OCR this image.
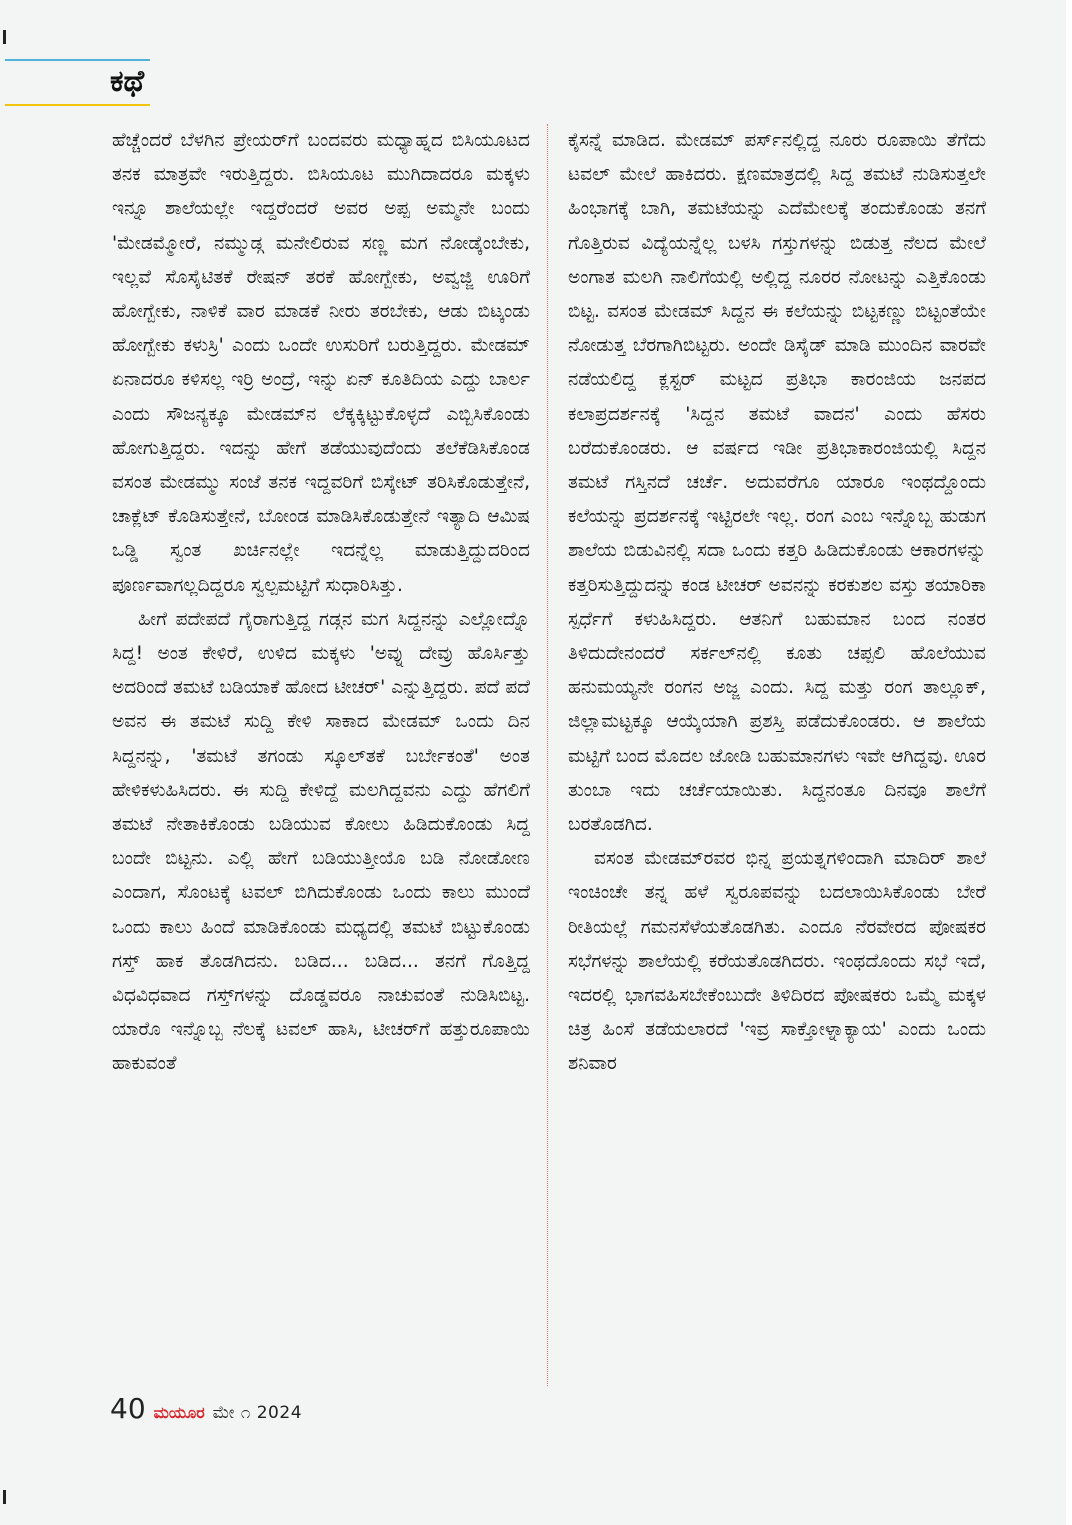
ಕಥೆ

ಹೆಚ್ಚೆಂದರೆ ಬೆಳಗಿನ ಪ್ರೇಯರ್‌ಗೆ ಬಂದವರು ಮಧ್ಯಾಹ್ನದ ಬಿಸಿಯೂಟದ ತನಕ ಮಾತ್ರವೇ ಇರುತ್ತಿದ್ದರು. ಬಿಸಿಯೂಟ ಮುಗಿದಾದರೂ ಮಕ್ಕಳು ಇನ್ನೂ ಶಾಲೆಯಲ್ಲೇ ಇದ್ದರೆಂದರೆ ಅವರ ಅಪ್ಪ ಅಮ್ಮನೇ ಬಂದು 'ಮೇಡಮ್ಮೋರೆ, ನಮ್ಮುಡ್ಗ ಮನೇಲಿರುವ ಸಣ್ಣ ಮಗ ನೋಡ್ಕೆಂಬೇಕು, ಇಲ್ಲವೆ ಸೊಸೈಟಿತಕೆ ರೇಷನ್ ತರಕೆ ಹೋಗ್ಬೇಕು, ಅವ್ವಜ್ಜಿ ಊರಿಗೆ ಹೋಗ್ಬೇಕು, ನಾಳಿಕೆ ವಾರ ಮಾಡಕೆ ನೀರು ತರಬೇಕು, ಆಡು ಬಿಟ್ಕಂಡು ಹೋಗ್ಬೇಕು ಕಳುಸ್ರಿ' ಎಂದು ಒಂದೇ ಉಸುರಿಗೆ ಬರುತ್ತಿದ್ದರು. ಮೇಡಮ್ ಏನಾದರೂ ಕಳಿಸಲ್ಲ ಇರ್ರಿ ಅಂದ್ರೆ, ಇನ್ನು ಏನ್ ಕೂತಿದಿಯ ಎದ್ದು ಬಾರ್ಲ ಎಂದು ಸೌಜನ್ಯಕ್ಕೂ ಮೇಡಮ್‌ನ ಲೆಕ್ಕಕ್ಕಿಟ್ಟುಕೊಳ್ಳದೆ ಎಬ್ಬಿಸಿಕೊಂಡು ಹೋಗುತ್ತಿದ್ದರು. ಇದನ್ನು ಹೇಗೆ ತಡೆಯುವುದೆಂದು ತಲೆಕೆಡಿಸಿಕೊಂಡ ವಸಂತ ಮೇಡಮ್ಮು ಸಂಜೆ ತನಕ ಇದ್ದವರಿಗೆ ಬಿಸ್ಕೇಟ್ ತರಿಸಿಕೊಡುತ್ತೇನೆ, ಚಾಕ್ಲೆಟ್ ಕೊಡಿಸುತ್ತೇನೆ, ಬೋಂಡ ಮಾಡಿಸಿಕೊಡುತ್ತೇನೆ ಇತ್ಯಾದಿ ಆಮಿಷ ಒಡ್ಡಿ ಸ್ವಂತ ಖರ್ಚಿನಲ್ಲೇ ಇದನ್ನೆಲ್ಲ ಮಾಡುತ್ತಿದ್ದುದರಿಂದ ಪೂರ್ಣವಾಗಲ್ಲದಿದ್ದರೂ ಸ್ವಲ್ಪಮಟ್ಟಿಗೆ ಸುಧಾರಿಸಿತ್ತು.

ಹೀಗೆ ಪದೇಪದೆ ಗೈರಾಗುತ್ತಿದ್ದ ಗಡ್ಗನ ಮಗ ಸಿದ್ದನನ್ನು ಎಲ್ಲೋದ್ನೊ ಸಿದ್ದ! ಅಂತ ಕೇಳಿರೆ, ಉಳಿದ ಮಕ್ಕಳು 'ಅವ್ನು ದೇವ್ರು ಹೊರ್ಸಿತ್ತು ಅದರಿಂದೆ ತಮಟೆ ಬಡಿಯಾಕೆ ಹೋದ ಟೀಚರ್' ಎನ್ನುತ್ತಿದ್ದರು. ಪದೆ ಪದೆ ಅವನ ಈ ತಮಟೆ ಸುದ್ದಿ ಕೇಳಿ ಸಾಕಾದ ಮೇಡಮ್ ಒಂದು ದಿನ ಸಿದ್ದನನ್ನು, 'ತಮಟೆ ತಗಂಡು ಸ್ಕೂಲ್‌ತಕೆ ಬರ್ಬೇಕಂತೆ' ಅಂತ ಹೇಳಿಕಳುಹಿಸಿದರು. ಈ ಸುದ್ದಿ ಕೇಳಿದ್ದೆ ಮಲಗಿದ್ದವನು ಎದ್ದು ಹೆಗಲಿಗೆ ತಮಟೆ ನೇತಾಕಿಕೊಂಡು ಬಡಿಯುವ ಕೋಲು ಹಿಡಿದುಕೊಂಡು ಸಿದ್ದ ಬಂದೇ ಬಿಟ್ಟನು. ಎಲ್ಲಿ ಹೇಗೆ ಬಡಿಯುತ್ತೀಯೊ ಬಡಿ ನೋಡೋಣ ಎಂದಾಗ, ಸೊಂಟಕ್ಕೆ ಟವಲ್ ಬಿಗಿದುಕೊಂಡು ಒಂದು ಕಾಲು ಮುಂದೆ ಒಂದು ಕಾಲು ಹಿಂದೆ ಮಾಡಿಕೊಂಡು ಮಧ್ಯದಲ್ಲಿ ತಮಟೆ ಬಿಟ್ಟುಕೊಂಡು ಗಸ್ತ್ ಹಾಕ ತೊಡಗಿದನು. ಬಡಿದ... ಬಡಿದ... ತನಗೆ ಗೊತ್ತಿದ್ದ ವಿಧವಿಧವಾದ ಗಸ್ತ್‌ಗಳನ್ನು ದೊಡ್ಡವರೂ ನಾಚುವಂತೆ ನುಡಿಸಿಬಿಟ್ಟ. ಯಾರೊ ಇನ್ನೊಬ್ಬ ನೆಲಕ್ಕೆ ಟವಲ್ ಹಾಸಿ, ಟೀಚರ್‌ಗೆ ಹತ್ತುರೂಪಾಯಿ ಹಾಕುವಂತೆ

ಕೈಸನ್ನೆ ಮಾಡಿದ. ಮೇಡಮ್ ಪರ್ಸ್‌ನಲ್ಲಿದ್ದ ನೂರು ರೂಪಾಯಿ ತೆಗೆದು ಟವಲ್ ಮೇಲೆ ಹಾಕಿದರು. ಕ್ಷಣಮಾತ್ರದಲ್ಲಿ ಸಿದ್ದ ತಮಟೆ ನುಡಿಸುತ್ತಲೇ ಹಿಂಭಾಗಕ್ಕೆ ಬಾಗಿ, ತಮಟೆಯನ್ನು ಎದೆಮೇಲಕ್ಕೆ ತಂದುಕೊಂಡು ತನಗೆ ಗೊತ್ತಿರುವ ವಿದ್ಯೆಯನ್ನೆಲ್ಲ ಬಳಸಿ ಗಸ್ತುಗಳನ್ನು ಬಿಡುತ್ತ ನೆಲದ ಮೇಲೆ ಅಂಗಾತ ಮಲಗಿ ನಾಲಿಗೆಯಲ್ಲಿ ಅಲ್ಲಿದ್ದ ನೂರರ ನೋಟನ್ನು ಎತ್ತಿಕೊಂಡು ಬಿಟ್ಟ. ವಸಂತ ಮೇಡಮ್ ಸಿದ್ದನ ಈ ಕಲೆಯನ್ನು ಬಿಟ್ಟಕಣ್ಣು ಬಿಟ್ಟಂತೆಯೇ ನೋಡುತ್ತ ಬೆರಗಾಗಿಬಿಟ್ಟರು. ಅಂದೇ ಡಿಸೈಡ್ ಮಾಡಿ ಮುಂದಿನ ವಾರವೇ ನಡೆಯಲಿದ್ದ ಕ್ಲಸ್ಟರ್ ಮಟ್ಟದ ಪ್ರತಿಭಾ ಕಾರಂಜಿಯ ಜನಪದ ಕಲಾಪ್ರದರ್ಶನಕ್ಕೆ 'ಸಿದ್ದನ ತಮಟೆ ವಾದನ' ಎಂದು ಹೆಸರು ಬರೆದುಕೊಂಡರು. ಆ ವರ್ಷದ ಇಡೀ ಪ್ರತಿಭಾಕಾರಂಜಿಯಲ್ಲಿ ಸಿದ್ದನ ತಮಟೆ ಗಸ್ತಿನದೆ ಚರ್ಚೆ. ಅದುವರೆಗೂ ಯಾರೂ ಇಂಥದ್ದೊಂದು ಕಲೆಯನ್ನು ಪ್ರದರ್ಶನಕ್ಕೆ ಇಟ್ಟಿರಲೇ ಇಲ್ಲ. ರಂಗ ಎಂಬ ಇನ್ನೊಬ್ಬ ಹುಡುಗ ಶಾಲೆಯ ಬಿಡುವಿನಲ್ಲಿ ಸದಾ ಒಂದು ಕತ್ತರಿ ಹಿಡಿದುಕೊಂಡು ಆಕಾರಗಳನ್ನು ಕತ್ತರಿಸುತ್ತಿದ್ದುದನ್ನು ಕಂಡ ಟೀಚರ್ ಅವನನ್ನು ಕರಕುಶಲ ವಸ್ತು ತಯಾರಿಕಾ ಸ್ಪರ್ಧೆಗೆ ಕಳುಹಿಸಿದ್ದರು. ಆತನಿಗೆ ಬಹುಮಾನ ಬಂದ ನಂತರ ತಿಳಿದುದೇನಂದರೆ ಸರ್ಕಲ್‌ನಲ್ಲಿ ಕೂತು ಚಪ್ಪಲಿ ಹೊಲೆಯುವ ಹನುಮಯ್ಯನೇ ರಂಗನ ಅಜ್ಜ ಎಂದು. ಸಿದ್ದ ಮತ್ತು ರಂಗ ತಾಲ್ಲೂಕ್, ಜಿಲ್ಲಾಮಟ್ಟಕ್ಕೂ ಆಯ್ಕೆಯಾಗಿ ಪ್ರಶಸ್ತಿ ಪಡೆದುಕೊಂಡರು. ಆ ಶಾಲೆಯ ಮಟ್ಟಿಗೆ ಬಂದ ಮೊದಲ ಜೋಡಿ ಬಹುಮಾನಗಳು ಇವೇ ಆಗಿದ್ದವು. ಊರ ತುಂಬಾ ಇದು ಚರ್ಚೆಯಾಯಿತು. ಸಿದ್ದನಂತೂ ದಿನವೂ ಶಾಲೆಗೆ ಬರತೊಡಗಿದ.

ವಸಂತ ಮೇಡಮ್‌ರವರ ಭಿನ್ನ ಪ್ರಯತ್ನಗಳಿಂದಾಗಿ ಮಾದಿರ್ ಶಾಲೆ ಇಂಚಿಂಚೇ ತನ್ನ ಹಳೆ ಸ್ವರೂಪವನ್ನು ಬದಲಾಯಿಸಿಕೊಂಡು ಬೇರೆ ರೀತಿಯಲ್ಲೆ ಗಮನಸೆಳೆಯತೊಡಗಿತು. ಎಂದೂ ನೆರವೇರದ ಪೋಷಕರ ಸಭೆಗಳನ್ನು ಶಾಲೆಯಲ್ಲಿ ಕರೆಯತೊಡಗಿದರು. ಇಂಥದೊಂದು ಸಭೆ ಇದೆ, ಇದರಲ್ಲಿ ಭಾಗವಹಿಸಬೇಕೆಂಬುದೇ ತಿಳಿದಿರದ ಪೋಷಕರು ಒಮ್ಮೆ ಮಕ್ಕಳ ಚಿತ್ರ ಹಿಂಸೆ ತಡೆಯಲಾರದೆ 'ಇವ್ರ ಸಾಕ್ತೋಳ್ನಾಕ್ಯಾಯ' ಎಂದು ಒಂದು ಶನಿವಾರ

40 ಮಯೂರ ಮೇ ೧ 2024
